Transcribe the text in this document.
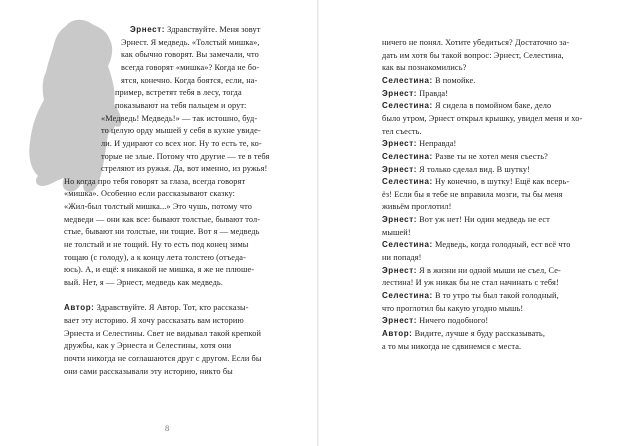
Эрнест: Здравствуйте. Меня зовут
Эрнест. Я медведь. «Толстый мишка»,
как обычно говорят. Вы замечали, что
всегда говорят «мишка»? Когда не бо-
ятся, конечно. Когда боятся, если, на-
пример, встретят тебя в лесу, тогда
показывают на тебя пальцем и орут:
«Медведь! Медведь!» — так истошно, буд-
то целую орду мышей у себя в кухне увиде-
ли. И удирают со всех ног. Ну то есть те, ко-
торые не злые. Потому что другие — те в тебя
стреляют из ружья. Да, вот именно, из ружья!
Но когда про тебя говорят за глаза, всегда говорят
«мишка». Особенно если рассказывают сказку:
«Жил-был толстый мишка...» Это чушь, потому что
медведи — они как все: бывают толстые, бывают тол-
стые, бывают ни толстые, ни тощие. Вот я — медведь
не толстый и не тощий. Ну то есть под конец зимы
тощаю (с голоду), а к концу лета толстею (отъеда-
юсь). А, и ещё: я никакой не мишка, я же не плюше-
вый. Нет, я — Эрнест, медведь как медведь.
Автор: Здравствуйте. Я Автор. Тот, кто рассказы-
вает эту историю. Я хочу рассказать вам историю
Эрнеста и Селестины. Свет не видывал такой крепкой
дружбы, как у Эрнеста и Селестины, хотя они
почти никогда не соглашаются друг с другом. Если бы
они сами рассказывали эту историю, никто бы
8
ничего не понял. Хотите убедиться? Достаточно за-
дать им хотя бы такой вопрос: Эрнест, Селестина,
как вы познакомились?
Селестина: В помойке.
Эрнест: Правда!
Селестина: Я сидела в помойном баке, дело
было утром, Эрнест открыл крышку, увидел меня и хо-
тел съесть.
Эрнест: Неправда!
Селестина: Разве ты не хотел меня съесть?
Эрнест: Я только сделал вид. В шутку!
Селестина: Ну конечно, в шутку! Ещё как всерь-
ёз! Если бы я тебе не вправила мозги, ты бы меня
живьём проглотил!
Эрнест: Вот уж нет! Ни один медведь не ест
мышей!
Селестина: Медведь, когда голодный, ест всё что
ни попадя!
Эрнест: Я в жизни ни одной мыши не съел, Се-
лестина! И уж никак бы не стал начинать с тебя!
Селестина: В то утро ты был такой голодный,
что проглотил бы какую угодно мышь!
Эрнест: Ничего подобного!
Автор: Видите, лучше я буду рассказывать,
а то мы никогда не сдвинемся с места.
